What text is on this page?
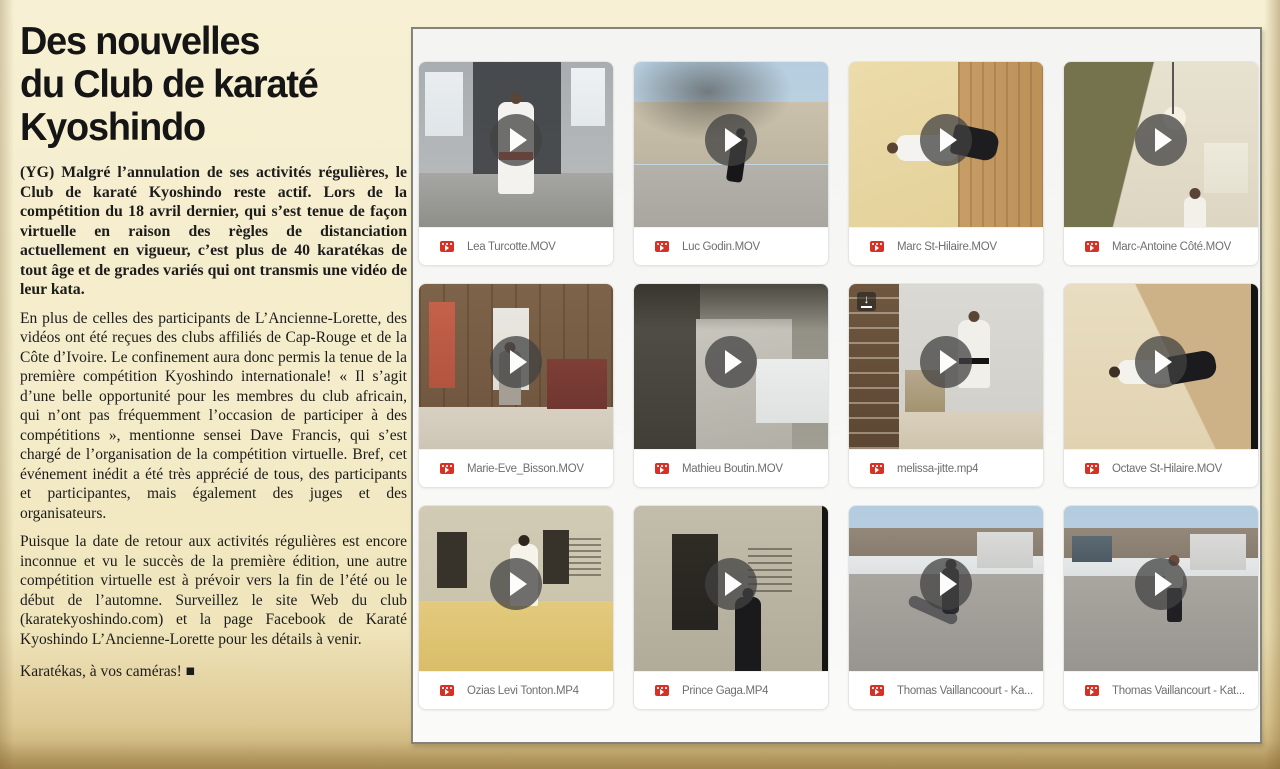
Des nouvelles
du Club de karaté
Kyoshindo

(YG) Malgré l’annulation de ses activités régulières, le Club de karaté Kyoshindo reste actif. Lors de la compétition du 18 avril dernier, qui s’est tenue de façon virtuelle en raison des règles de distanciation actuellement en vigueur, c’est plus de 40 karatékas de tout âge et de grades variés qui ont transmis une vidéo de leur kata.

En plus de celles des participants de L’Ancienne-Lorette, des vidéos ont été reçues des clubs affiliés de Cap-Rouge et de la Côte d’Ivoire. Le confinement aura donc permis la tenue de la première compétition Kyoshindo internationale! « Il s’agit d’une belle opportunité pour les membres du club africain, qui n’ont pas fréquemment l’occasion de participer à des compétitions », mentionne sensei Dave Francis, qui s’est chargé de l’organisation de la compétition virtuelle. Bref, cet événement inédit a été très apprécié de tous, des participants et participantes, mais également des juges et des organisateurs.

Puisque la date de retour aux activités régulières est encore inconnue et vu le succès de la première édition, une autre compétition virtuelle est à prévoir vers la fin de l’été ou le début de l’automne. Surveillez le site Web du club (karatekyoshindo.com) et la page Facebook de Karaté Kyoshindo L’Ancienne-Lorette pour les détails à venir.

Karatékas, à vos caméras! ■

Lea Turcotte.MOV	Luc Godin.MOV	Marc St-Hilaire.MOV	Marc-Antoine Côté.MOV
Marie-Ève_Bisson.MOV	Mathieu Boutin.MOV
↓
melissa-jitte.mp4	Octave St-Hilaire.MOV
Ozias Levi Tonton.MP4	Prince Gaga.MP4	Thomas Vaillancoourt - Ka...	Thomas Vaillancourt - Kat...
